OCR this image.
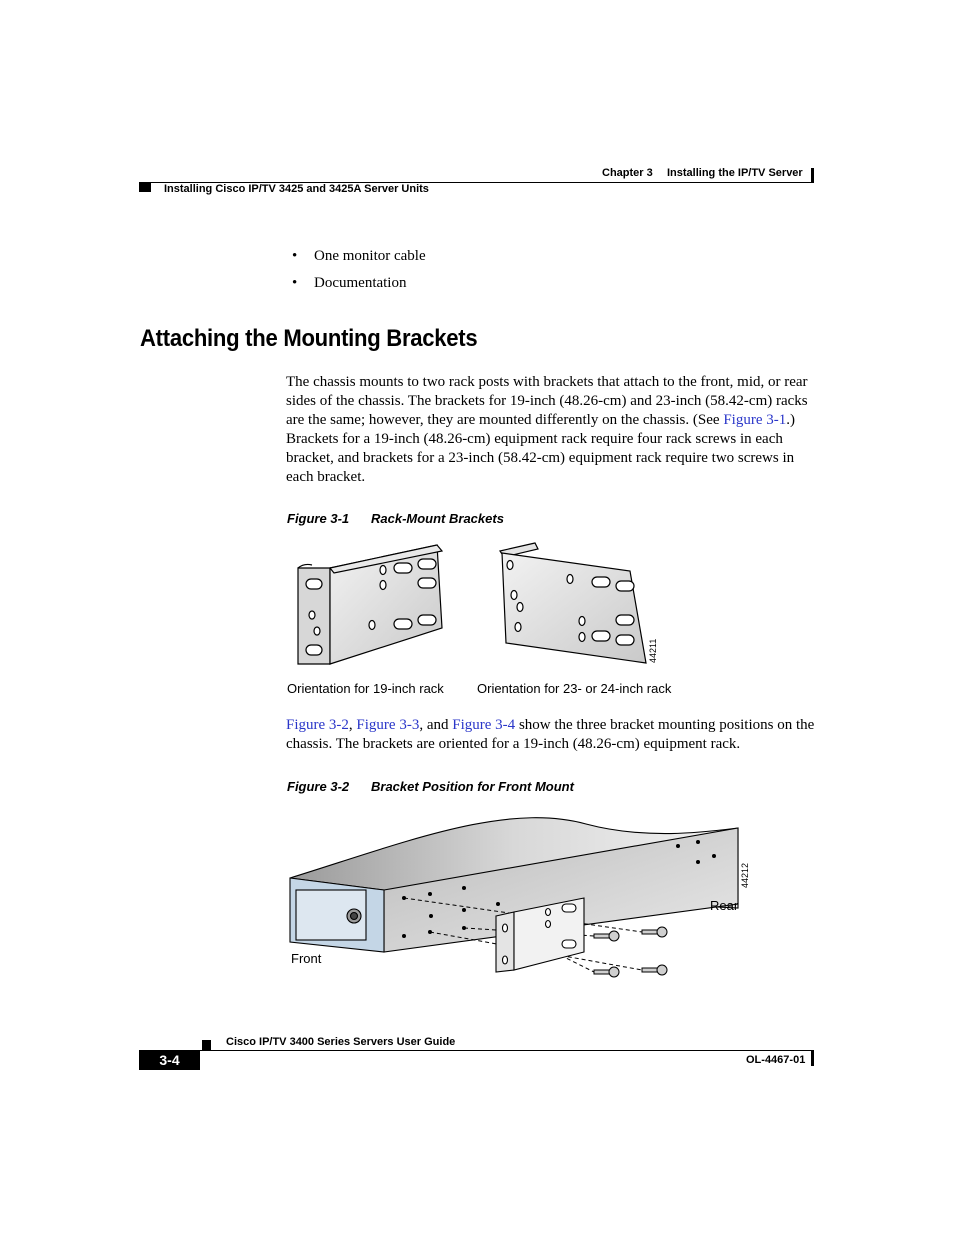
Chapter 3 Installing the IP/TV Server
Installing Cisco IP/TV 3425 and 3425A Server Units
• One monitor cable
• Documentation
Attaching the Mounting Brackets
The chassis mounts to two rack posts with brackets that attach to the front, mid, or rear sides of the chassis. The brackets for 19-inch (48.26-cm) and 23-inch (58.42-cm) racks are the same; however, they are mounted differently on the chassis. (See Figure 3-1.) Brackets for a 19-inch (48.26-cm) equipment rack require four rack screws in each bracket, and brackets for a 23-inch (58.42-cm) equipment rack require two screws in each bracket.
Figure 3-1 Rack-Mount Brackets
44211
Orientation for 19-inch rack	Orientation for 23- or 24-inch rack
Figure 3-2, Figure 3-3, and Figure 3-4 show the three bracket mounting positions on the chassis. The brackets are oriented for a 19-inch (48.26-cm) equipment rack.
Figure 3-2 Bracket Position for Front Mount
44212
Rear
Front
Cisco IP/TV 3400 Series Servers User Guide
3-4	OL-4467-01
